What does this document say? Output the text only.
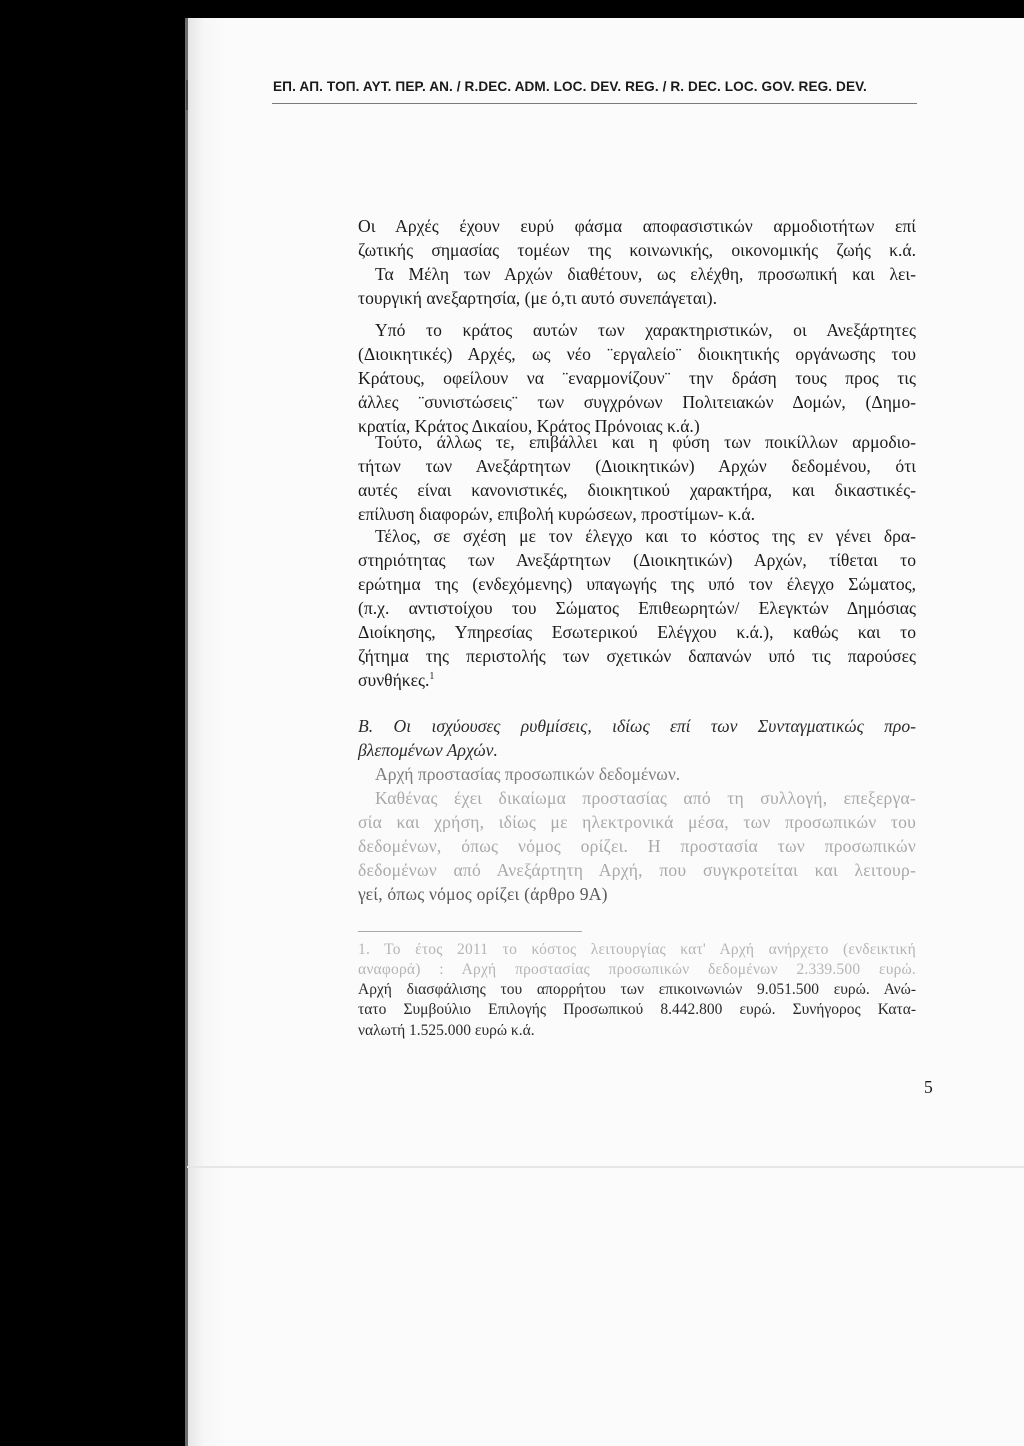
ΕΠ. ΑΠ. ΤΟΠ. ΑΥΤ. ΠΕΡ. ΑΝ. / R.DEC. ADM. LOC. DEV. REG. / R. DEC. LOC. GOV. REG. DEV.
Οι Αρχές έχουν ευρύ φάσμα αποφασιστικών αρμοδιοτήτων επί
ζωτικής σημασίας τομέων της κοινωνικής, οικονομικής ζωής κ.ά.
Τα Μέλη των Αρχών διαθέτουν, ως ελέχθη, προσωπική και λει-
τουργική ανεξαρτησία, (με ό,τι αυτό συνεπάγεται).
Υπό το κράτος αυτών των χαρακτηριστικών, οι Ανεξάρτητες
(Διοικητικές) Αρχές, ως νέο ¨εργαλείο¨ διοικητικής οργάνωσης του
Κράτους, οφείλουν να ¨εναρμονίζουν¨ την δράση τους προς τις
άλλες ¨συνιστώσεις¨ των συγχρόνων Πολιτειακών Δομών, (Δημο-
κρατία, Κράτος Δικαίου, Κράτος Πρόνοιας κ.ά.)
Τούτο, άλλως τε, επιβάλλει και η φύση των ποικίλλων αρμοδιο-
τήτων των Ανεξάρτητων (Διοικητικών) Αρχών δεδομένου, ότι
αυτές είναι κανονιστικές, διοικητικού χαρακτήρα, και δικαστικές-
επίλυση διαφορών, επιβολή κυρώσεων, προστίμων- κ.ά.
Τέλος, σε σχέση με τον έλεγχο και το κόστος της εν γένει δρα-
στηριότητας των Ανεξάρτητων (Διοικητικών) Αρχών, τίθεται το
ερώτημα της (ενδεχόμενης) υπαγωγής της υπό τον έλεγχο Σώματος,
(π.χ. αντιστοίχου του Σώματος Επιθεωρητών/ Ελεγκτών Δημόσιας
Διοίκησης, Υπηρεσίας Εσωτερικού Ελέγχου κ.ά.), καθώς και το
ζήτημα της περιστολής των σχετικών δαπανών υπό τις παρούσες
συνθήκες.$^1$
Β. Οι ισχύουσες ρυθμίσεις, ιδίως επί των Συνταγματικώς προ-
βλεπομένων Αρχών.
Αρχή προστασίας προσωπικών δεδομένων.
Καθένας έχει δικαίωμα προστασίας από τη συλλογή, επεξεργα-
σία και χρήση, ιδίως με ηλεκτρονικά μέσα, των προσωπικών του
δεδομένων, όπως νόμος ορίζει. Η προστασία των προσωπικών
δεδομένων από Ανεξάρτητη Αρχή, που συγκροτείται και λειτουρ-
γεί, όπως νόμος ορίζει (άρθρο 9Α)
1. Το έτος 2011 το κόστος λειτουργίας κατ' Αρχή ανήρχετο (ενδεικτική
αναφορά) : Αρχή προστασίας προσωπικών δεδομένων 2.339.500 ευρώ.
Αρχή διασφάλισης του απορρήτου των επικοινωνιών 9.051.500 ευρώ. Ανώ-
τατο Συμβούλιο Επιλογής Προσωπικού 8.442.800 ευρώ. Συνήγορος Κατα-
ναλωτή 1.525.000 ευρώ κ.ά.
5
